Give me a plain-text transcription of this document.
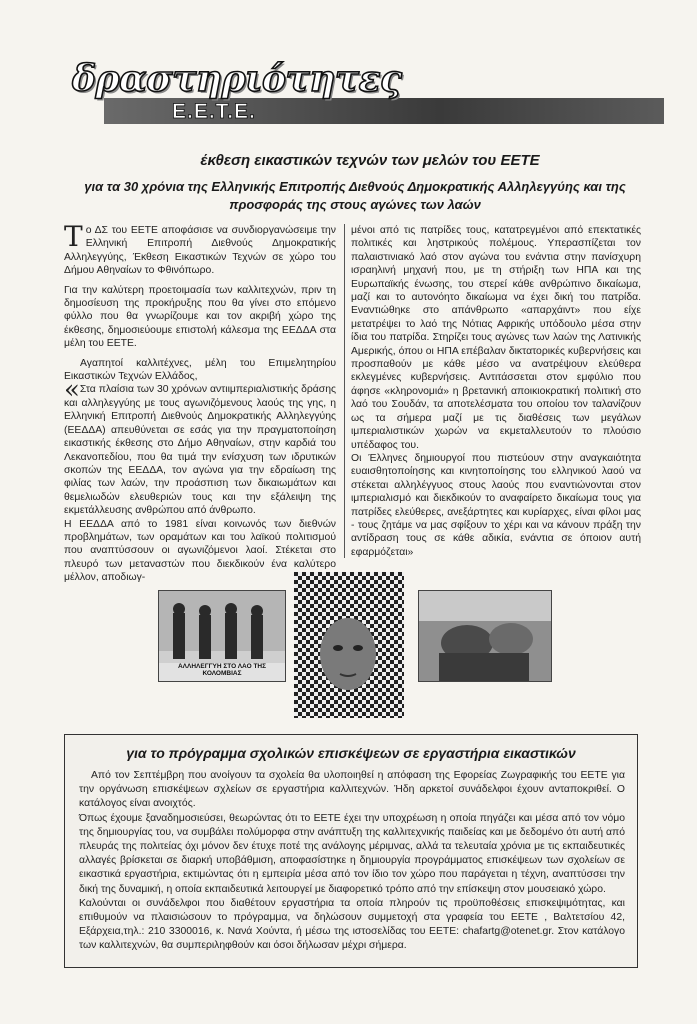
δραστηριότητες
Ε.Ε.Τ.Ε.
έκθεση εικαστικών τεχνών των μελών του ΕΕΤΕ
για τα 30 χρόνια της Ελληνικής Επιτροπής Διεθνούς Δημοκρατικής Αλληλεγγύης και της προσφοράς της στους αγώνες των λαών

Το ΔΣ του ΕΕΤΕ αποφάσισε να συνδιοργανώσειμε την Ελληνική Επιτροπή Διεθνούς Δημοκρατικής Αλληλεγγύης, Έκθεση Εικαστικών Τεχνών σε χώρο του Δήμου Αθηναίων το Φθινόπωρο.

Για την καλύτερη προετοιμασία των καλλιτεχνών, πριν τη δημοσίευση της προκήρυξης που θα γίνει στο επόμενο φύλλο που θα γνωρίζουμε και τον ακριβή χώρο της έκθεσης, δημοσιεύουμε επιστολή κάλεσμα της ΕΕΔΔΑ στα μέλη του ΕΕΤΕ.

Αγαπητοί καλλιτέχνες, μέλη του Επιμελητηρίου Εικαστικών Τεχνών Ελλάδος,

«Στα πλαίσια των 30 χρόνων αντιιμπεριαλιστικής δράσης και αλληλεγγύης με τους αγωνιζόμενους λαούς της γης, η Ελληνική Επιτροπή Διεθνούς Δημοκρατικής Αλληλεγγύης (ΕΕΔΔΑ) απευθύνεται σε εσάς για την πραγματοποίηση εικαστικής έκθεσης στο Δήμο Αθηναίων, στην καρδιά του Λεκανοπεδίου, που θα τιμά την ενίσχυση των ιδρυτικών σκοπών της ΕΕΔΔΑ, τον αγώνα για την εδραίωση της φιλίας των λαών, την προάσπιση των δικαιωμάτων και θεμελιωδών ελευθεριών τους και την εξάλειψη της εκμετάλλευσης ανθρώπου από άνθρωπο.

Η ΕΕΔΔΑ από το 1981 είναι κοινωνός των διεθνών προβλημάτων, των οραμάτων και του λαϊκού πολιτισμού που αναπτύσσουν οι αγωνιζόμενοι λαοί. Στέκεται στο πλευρό των μεταναστών που διεκδικούν ένα καλύτερο μέλλον, αποδιωγ-

μένοι από τις πατρίδες τους, κατατρεγμένοι από επεκτατικές πολιτικές και ληστρικούς πολέμους. Υπερασπίζεται τον παλαιστινιακό λαό στον αγώνα του ενάντια στην πανίσχυρη ισραηλινή μηχανή που, με τη στήριξη των ΗΠΑ και της Ευρωπαϊκής ένωσης, του στερεί κάθε ανθρώπινο δικαίωμα, μαζί και το αυτονόητο δικαίωμα να έχει δική του πατρίδα. Εναντιώθηκε στο απάνθρωπο «απαρχάιντ» που είχε μετατρέψει το λαό της Νότιας Αφρικής υπόδουλο μέσα στην ίδια του πατρίδα. Στηρίζει τους αγώνες των λαών της Λατινικής Αμερικής, όπου οι ΗΠΑ επέβαλαν δικτατορικές κυβερνήσεις και προσπαθούν με κάθε μέσο να ανατρέψουν ελεύθερα εκλεγμένες κυβερνήσεις. Αντιτάσσεται στον εμφύλιο που άφησε «κληρονομιά» η βρετανική αποικιοκρατική πολιτική στο λαό του Σουδάν, τα αποτελέσματα του οποίου τον ταλανίζουν ως τα σήμερα μαζί με τις διαθέσεις των μεγάλων ιμπεριαλιστικών χωρών να εκμεταλλευτούν το πλούσιο υπέδαφος του.

Οι Έλληνες δημιουργοί που πιστεύουν στην αναγκαιότητα ευαισθητοποίησης και κινητοποίησης του ελληνικού λαού να στέκεται αλληλέγγυος στους λαούς που εναντιώνονται στον ιμπεριαλισμό και διεκδικούν το αναφαίρετο δικαίωμα τους για πατρίδες ελεύθερες, ανεξάρτητες και κυρίαρχες, είναι φίλοι μας - τους ζητάμε να μας σφίξουν το χέρι και να κάνουν πράξη την αντίδραση τους σε κάθε αδικία, ενάντια σε όποιον αυτή εφαρμόζεται»

ΑΛΛΗΛΕΓΓΥΗ ΣΤΟ ΛΑΟ ΤΗΣ ΚΟΛΟΜΒΙΑΣ
για το πρόγραμμα σχολικών επισκέψεων σε εργαστήρια εικαστικών

Από τον Σεπτέμβρη που ανοίγουν τα σχολεία θα υλοποιηθεί η απόφαση της Εφορείας Ζωγραφικής του ΕΕΤΕ για την οργάνωση επισκέψεων σχλείων σε εργαστήρια καλλιτεχνών. Ήδη αρκετοί συνάδελφοι έχουν ανταποκριθεί. Ο κατάλογος είναι ανοιχτός.

Όπως έχουμε ξαναδημοσιεύσει, θεωρώντας ότι το ΕΕΤΕ έχει την υποχρέωση η οποία πηγάζει και μέσα από τον νόμο της δημιουργίας του, να συμβάλει πολύμορφα στην ανάπτυξη της καλλιτεχνικής παιδείας και με δεδομένο ότι αυτή από πλευράς της πολιτείας όχι μόνον δεν έτυχε ποτέ της ανάλογης μέριμνας, αλλά τα τελευταία χρόνια με τις εκπαιδευτικές αλλαγές βρίσκεται σε διαρκή υποβάθμιση, αποφασίστηκε η δημιουργία προγράμματος επισκέψεων των σχολείων σε εικαστικά εργαστήρια, εκτιμώντας ότι η εμπειρία μέσα από τον ίδιο τον χώρο που παράγεται η τέχνη, αναπτύσσει την δική της δυναμική, η οποία εκπαιδευτικά λειτουργεί με διαφορετικό τρόπο από την επίσκεψη στον μουσειακό χώρο.

Καλούνται οι συνάδελφοι που διαθέτουν εργαστήρια τα οποία πληρούν τις προϋποθέσεις επισκεψιμότητας, και επιθυμούν να πλαισιώσουν το πρόγραμμα, να δηλώσουν συμμετοχή στα γραφεία του ΕΕΤΕ , Βαλτετσίου 42, Εξάρχεια,τηλ.: 210 3300016, κ. Νανά Χούντα, ή μέσω της ιστοσελίδας του ΕΕΤΕ: chafartg@otenet.gr. Στον κατάλογο των καλλιτεχνών, θα συμπεριληφθούν και όσοι δήλωσαν μέχρι σήμερα.
